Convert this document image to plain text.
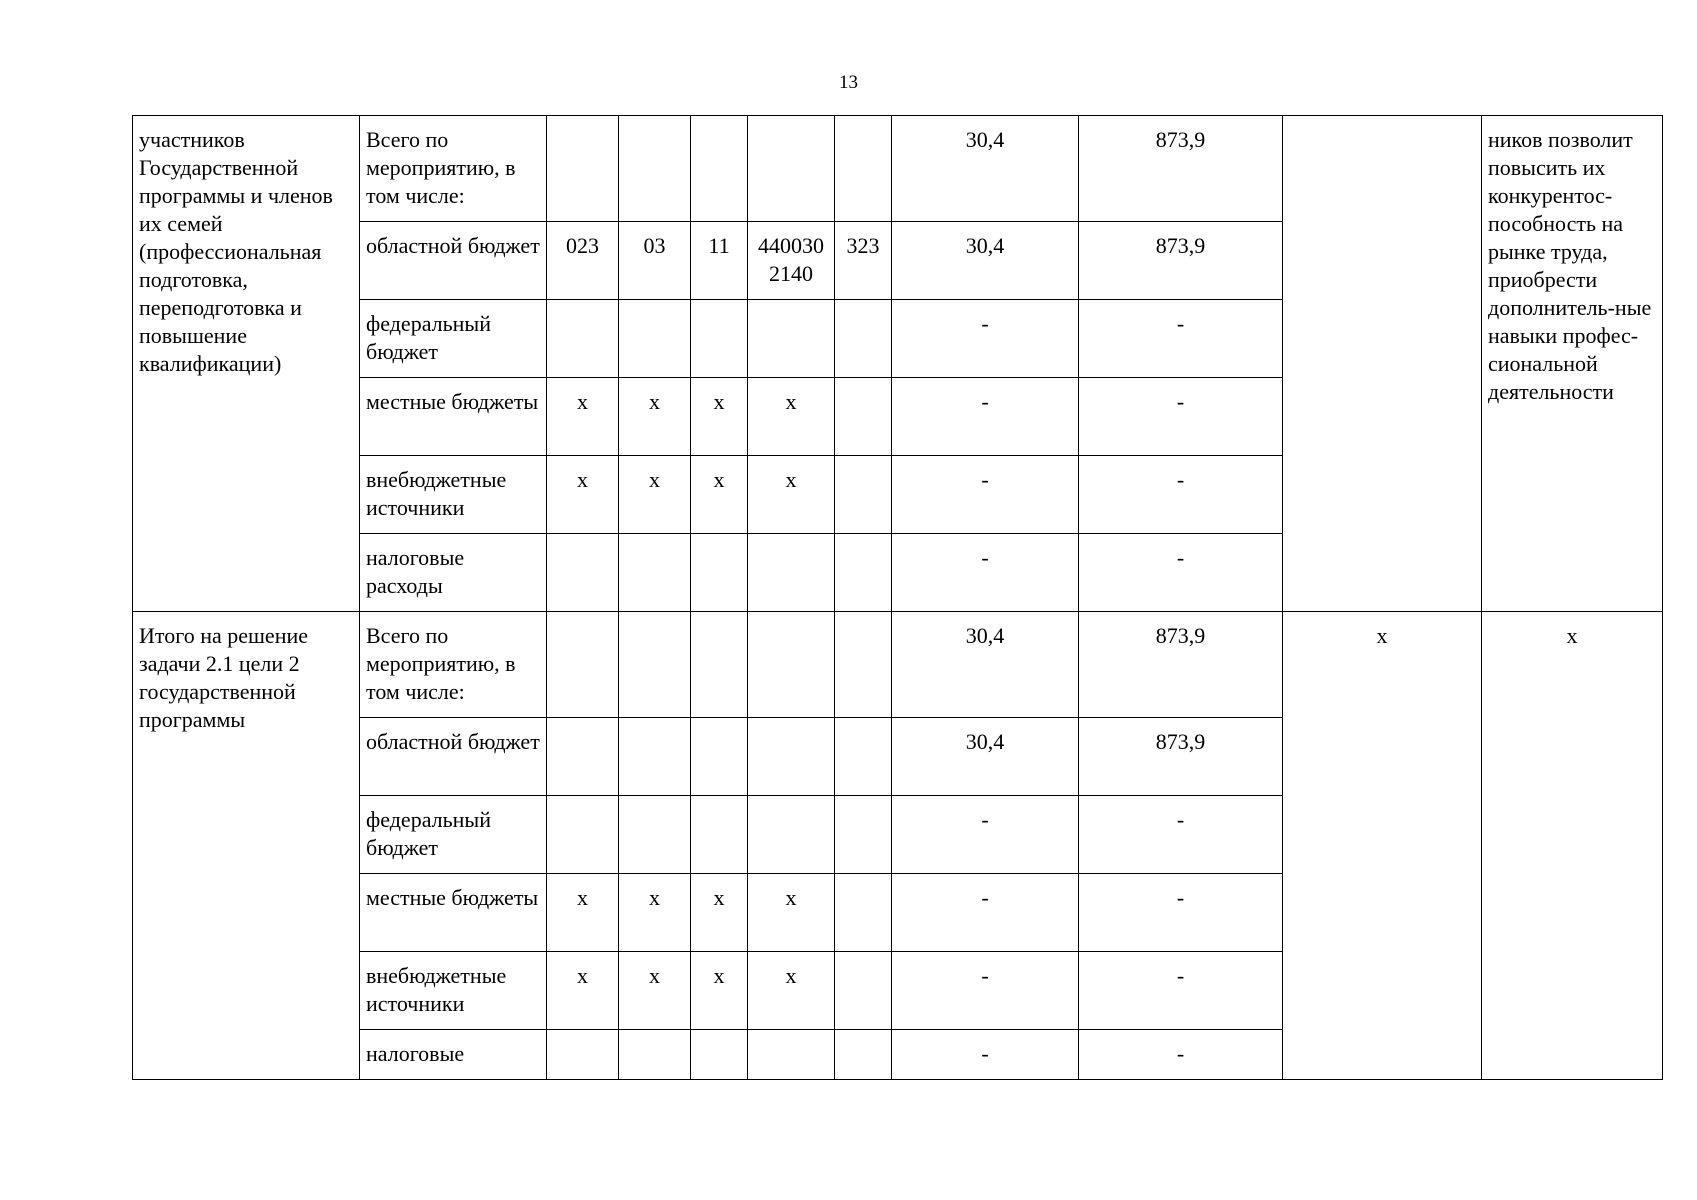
13
участников Государственной программы и членов их семей (профессиональная подготовка, переподготовка и повышение квалификации)	Всего по мероприятию, в том числе:						30,4	873,9		ников позволит повысить их конкурентос-пособность на рынке труда, приобрести дополнитель-ные навыки профес-сиональной деятельности
	областной бюджет	023	03	11	4400302140	323	30,4	873,9		
	федеральный бюджет						-	-		
	местные бюджеты	х	х	х	х		-	-		
	внебюджетные источники	х	х	х	х		-	-		
	налоговые расходы						-	-		
Итого на решение задачи 2.1 цели 2 государственной программы	Всего по мероприятию, в том числе:						30,4	873,9	х	х
	областной бюджет						30,4	873,9		
	федеральный бюджет						-	-		
	местные бюджеты	х	х	х	х		-	-		
	внебюджетные источники	х	х	х	х		-	-		
	налоговые						-	-		
